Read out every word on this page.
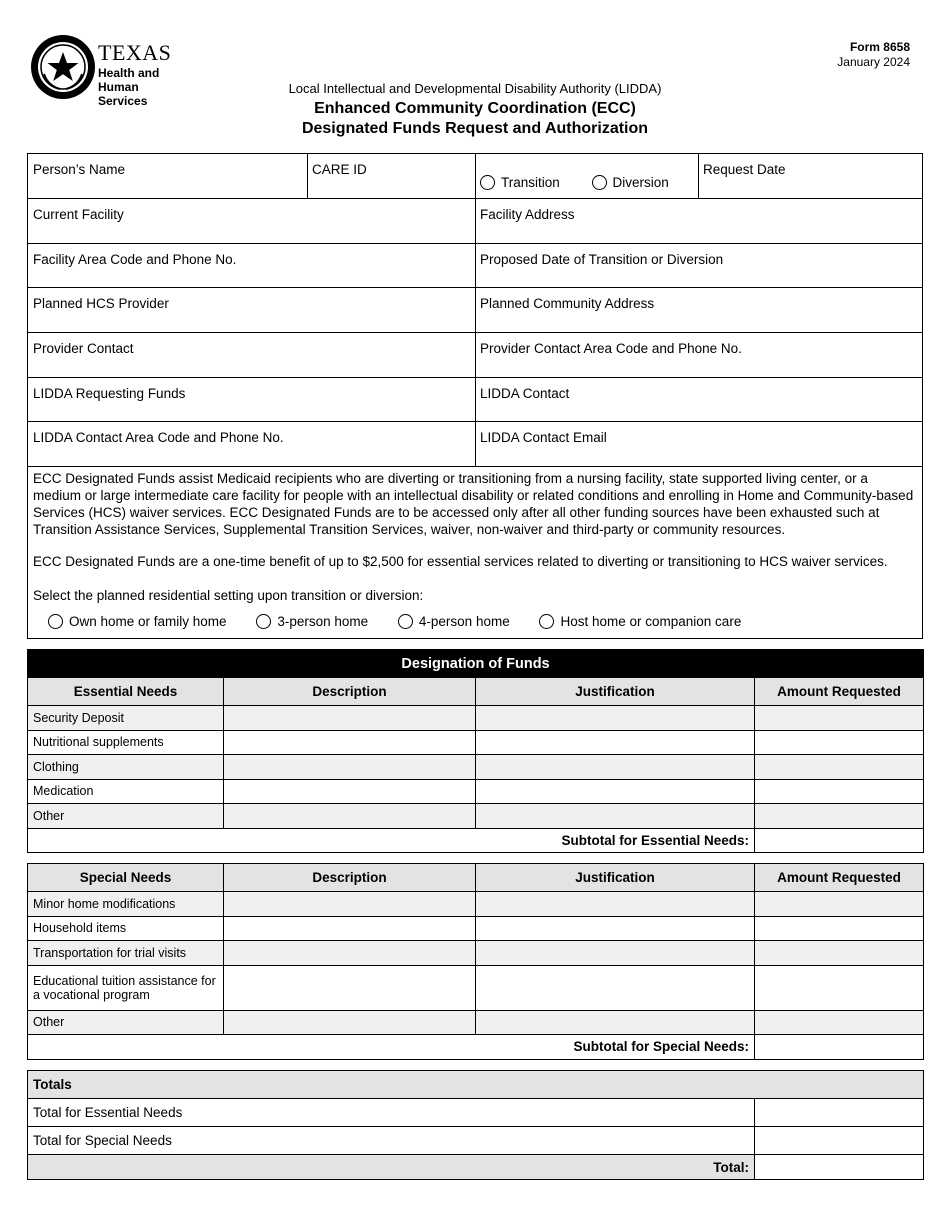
TEXAS
Health and Human
Services
Form 8658
January 2024
Local Intellectual and Developmental Disability Authority (LIDDA)
Enhanced Community Coordination (ECC)
Designated Funds Request and Authorization
Person’s Name	CARE ID
Transition	Diversion
Request Date
Current Facility	Facility Address
Facility Area Code and Phone No.	Proposed Date of Transition or Diversion
Planned HCS Provider	Planned Community Address
Provider Contact	Provider Contact Area Code and Phone No.
LIDDA Requesting Funds	LIDDA Contact
LIDDA Contact Area Code and Phone No.	LIDDA Contact Email
ECC Designated Funds assist Medicaid recipients who are diverting or transitioning from a nursing facility, state supported living center, or a medium or large intermediate care facility for people with an intellectual disability or related conditions and enrolling in Home and Community-based Services (HCS) waiver services. ECC Designated Funds are to be accessed only after all other funding sources have been exhausted such at Transition Assistance Services, Supplemental Transition Services, waiver, non-waiver and third-party or community resources.
ECC Designated Funds are a one-time benefit of up to $2,500 for essential services related to diverting or transitioning to HCS waiver services.
Select the planned residential setting upon transition or diversion:
Own home or family home	3-person home	4-person home	Host home or companion care
Designation of Funds			
Essential Needs	Description	Justification	Amount Requested
Security Deposit			
Nutritional supplements			
Clothing			
Medication			
Other			
Subtotal for Essential Needs:			
Special Needs	Description	Justification	Amount Requested
Minor home modifications			
Household items			
Transportation for trial visits			
Educational tuition assistance for a vocational program			
Other			
Subtotal for Special Needs:			
Totals	
Total for Essential Needs	
Total for Special Needs	
Total:	
